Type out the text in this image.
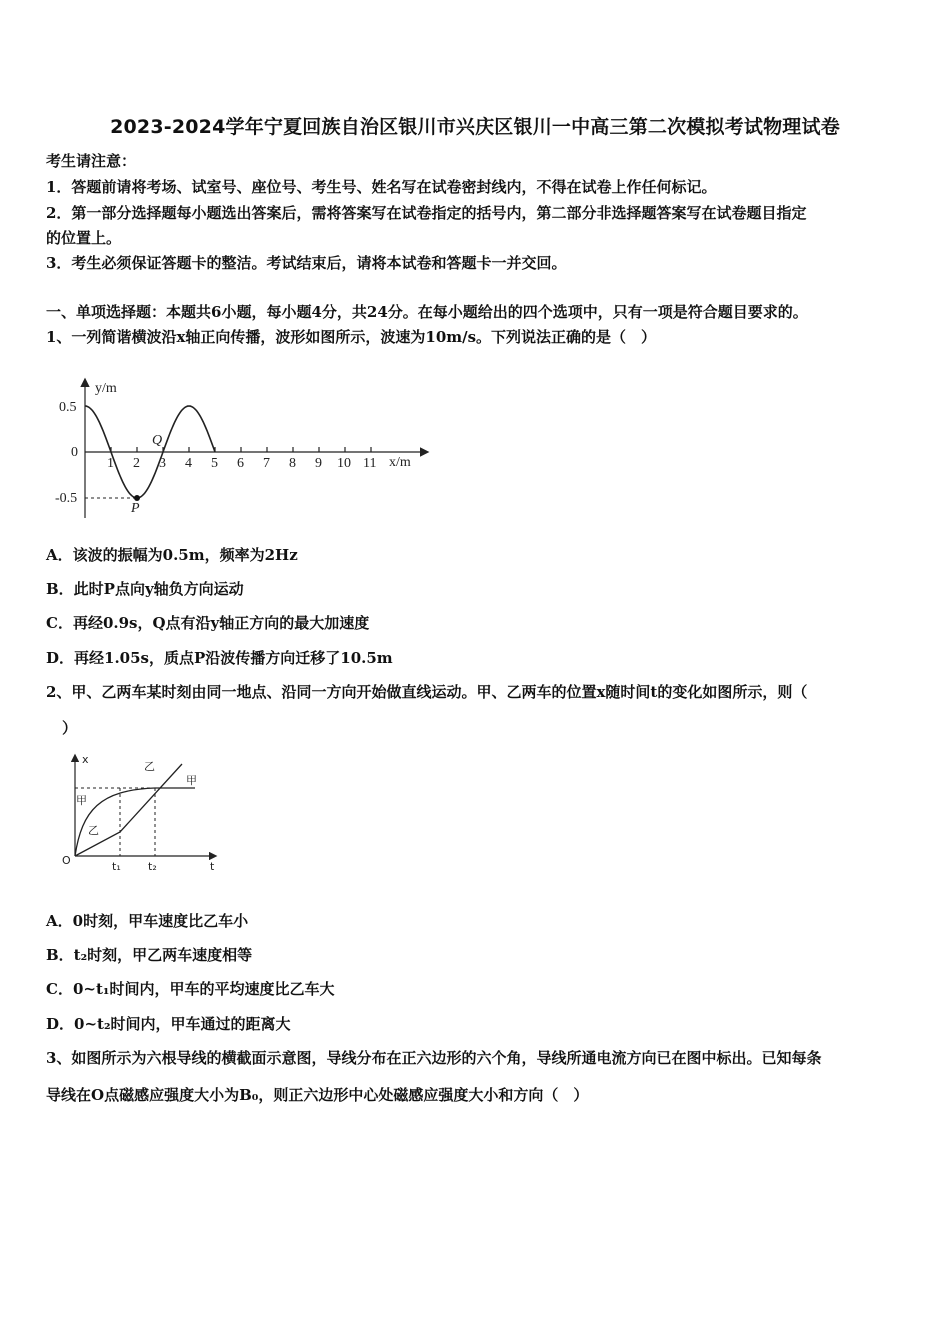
2023-2024学年宁夏回族自治区银川市兴庆区银川一中高三第二次模拟考试物理试卷
考生请注意：
1．答题前请将考场、试室号、座位号、考生号、姓名写在试卷密封线内，不得在试卷上作任何标记。
2．第一部分选择题每小题选出答案后，需将答案写在试卷指定的括号内，第二部分非选择题答案写在试卷题目指定
的位置上。
3．考生必须保证答题卡的整洁。考试结束后，请将本试卷和答题卡一并交回。
一、单项选择题：本题共6小题，每小题4分，共24分。在每小题给出的四个选项中，只有一项是符合题目要求的。
1、一列简谐横波沿x轴正向传播，波形如图所示，波速为10m/s。下列说法正确的是（　）
y/m
x/m
0.5
0
-0.5
1 2 3 4 5 6 7 8 9 10 11
P
Q
A．该波的振幅为0.5m，频率为2Hz
B．此时P点向y轴负方向运动
C．再经0.9s，Q点有沿y轴正方向的最大加速度
D．再经1.05s，质点P沿波传播方向迁移了10.5m
2、甲、乙两车某时刻由同一地点、沿同一方向开始做直线运动。甲、乙两车的位置x随时间t的变化如图所示，则（
）
x
t
O	t₁ t₂
甲
甲
乙
乙
A．0时刻，甲车速度比乙车小
B．t₂时刻，甲乙两车速度相等
C．0~t₁时间内，甲车的平均速度比乙车大
D．0~t₂时间内，甲车通过的距离大
3、如图所示为六根导线的横截面示意图，导线分布在正六边形的六个角，导线所通电流方向已在图中标出。已知每条
导线在O点磁感应强度大小为B₀，则正六边形中心处磁感应强度大小和方向（　）
